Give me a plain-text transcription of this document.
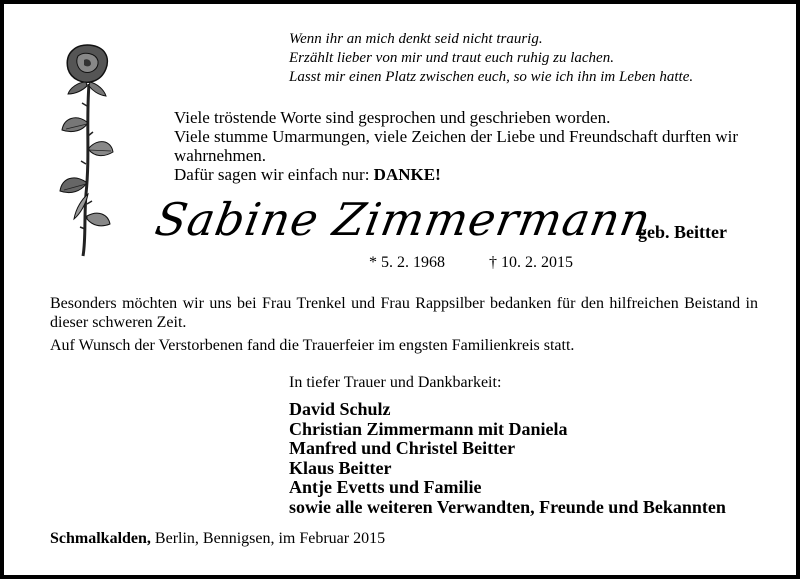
Wenn ihr an mich denkt seid nicht traurig.
Erzählt lieber von mir und traut euch ruhig zu lachen.
Lasst mir einen Platz zwischen euch, so wie ich ihn im Leben hatte.
Viele tröstende Worte sind gesprochen und geschrieben worden.
Viele stumme Umarmungen, viele Zeichen der Liebe und Freundschaft durften wir wahrnehmen.
Dafür sagen wir einfach nur: DANKE!
Sabine Zimmermann
geb. Beitter
* 5. 2. 1968	† 10. 2. 2015

Besonders möchten wir uns bei Frau Trenkel und Frau Rappsilber bedanken für den hilfreichen Beistand in dieser schweren Zeit.

Auf Wunsch der Verstorbenen fand die Trauerfeier im engsten Familienkreis statt.

In tiefer Trauer und Dankbarkeit:
David Schulz
Christian Zimmermann mit Daniela
Manfred und Christel Beitter
Klaus Beitter
Antje Evetts und Familie
sowie alle weiteren Verwandten, Freunde und Bekannten
Schmalkalden, Berlin, Bennigsen, im Februar 2015
